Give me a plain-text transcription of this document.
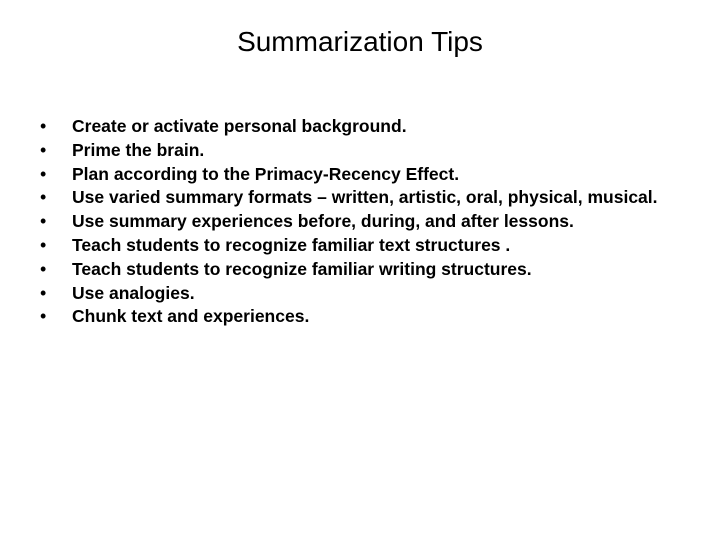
Summarization Tips
•	Create or activate personal background.
•	Prime the brain.
•	Plan according to the Primacy-Recency Effect.
•	Use varied summary formats – written, artistic, oral, physical, musical.
•	Use summary experiences before, during, and after lessons.
•	Teach students to recognize familiar text structures .
•	Teach students to recognize familiar writing structures.
•	Use analogies.
•	Chunk text and experiences.
